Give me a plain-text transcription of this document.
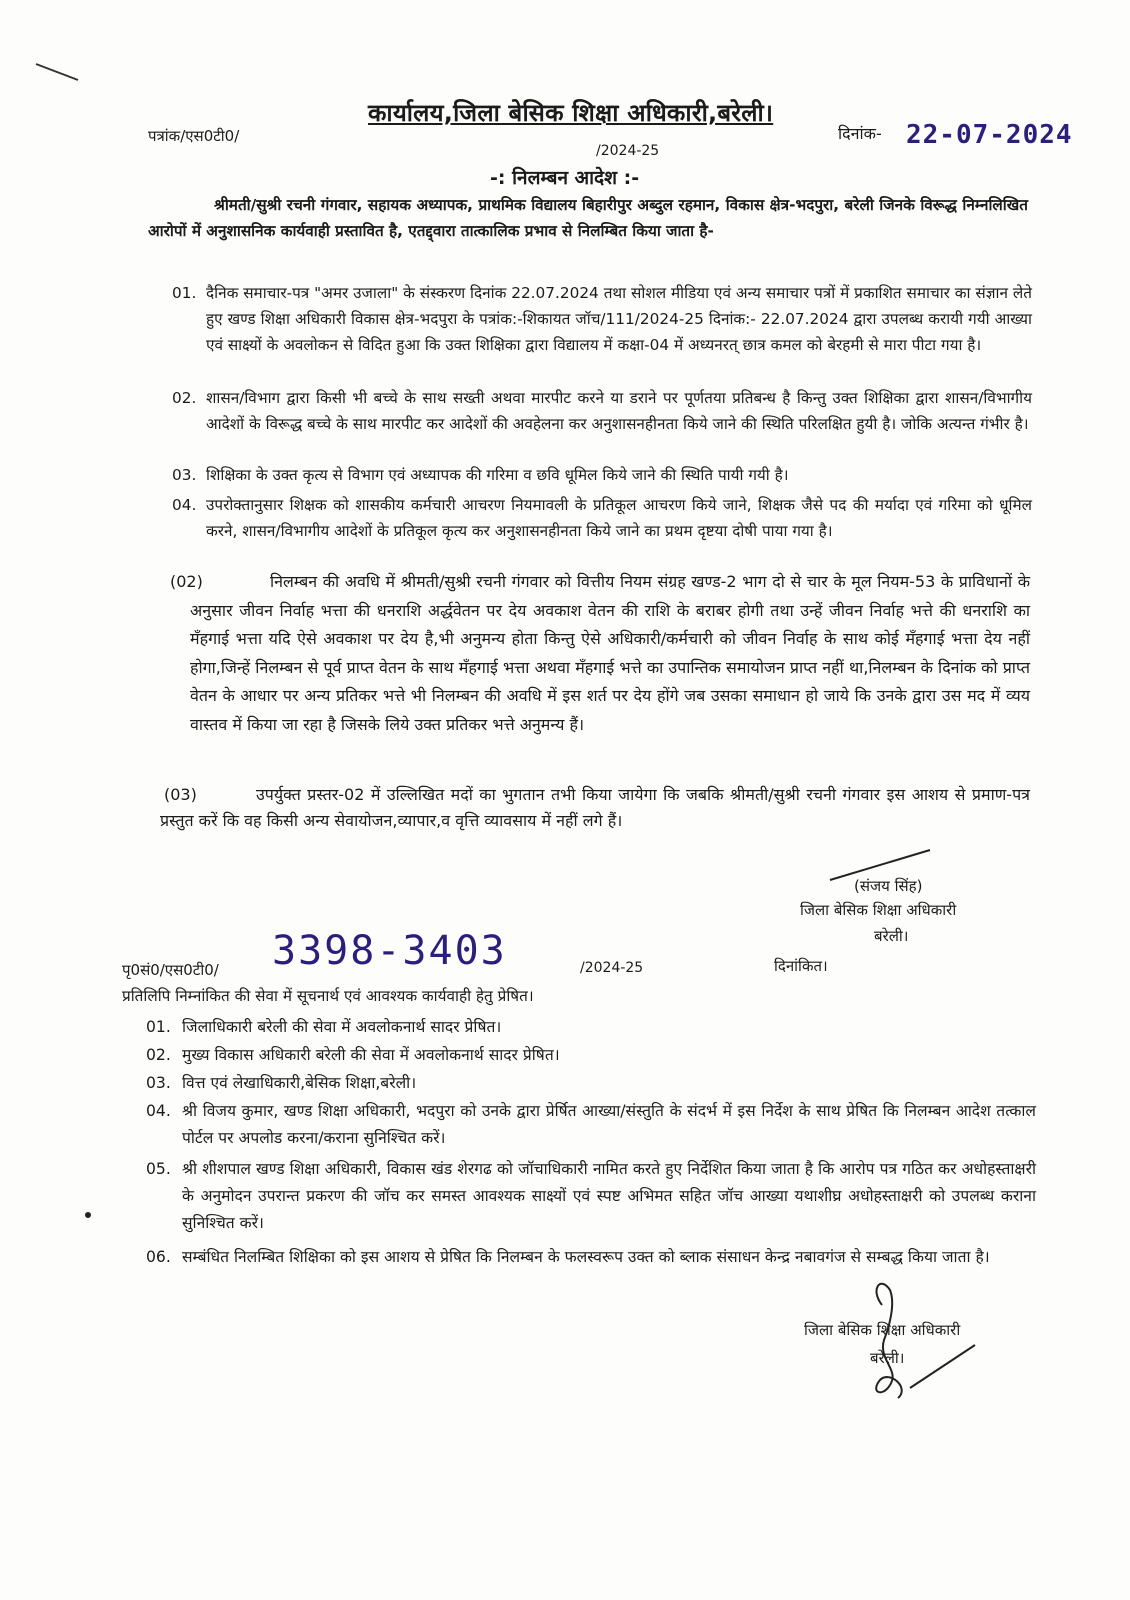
कार्यालय,जिला बेसिक शिक्षा अधिकारी,बरेली।
पत्रांक/एस0टी0/	दिनांक- 22-07-2024
/2024-25
-: निलम्बन आदेश :-
श्रीमती/सुश्री रचनी गंगवार, सहायक अध्यापक, प्राथमिक विद्यालय बिहारीपुर अब्दुल रहमान, विकास क्षेत्र-भदपुरा, बरेली जिनके विरूद्ध निम्नलिखित आरोपों में अनुशासनिक कार्यवाही प्रस्तावित है, एतद्द्वारा तात्कालिक प्रभाव से निलम्बित किया जाता है-
01. दैनिक समाचार-पत्र "अमर उजाला" के संस्करण दिनांक 22.07.2024 तथा सोशल मीडिया एवं अन्य समाचार पत्रों में प्रकाशित समाचार का संज्ञान लेते हुए खण्ड शिक्षा अधिकारी विकास क्षेत्र-भदपुरा के पत्रांक:-शिकायत जॉच/111/2024-25 दिनांक:- 22.07.2024 द्वारा उपलब्ध करायी गयी आख्या एवं साक्ष्यों के अवलोकन से विदित हुआ कि उक्त शिक्षिका द्वारा विद्यालय में कक्षा-04 में अध्यनरत् छात्र कमल को बेरहमी से मारा पीटा गया है।
02. शासन/विभाग द्वारा किसी भी बच्चे के साथ सख्ती अथवा मारपीट करने या डराने पर पूर्णतया प्रतिबन्ध है किन्तु उक्त शिक्षिका द्वारा शासन/विभागीय आदेशों के विरूद्ध बच्चे के साथ मारपीट कर आदेशों की अवहेलना कर अनुशासनहीनता किये जाने की स्थिति परिलक्षित हुयी है। जोकि अत्यन्त गंभीर है।
03. शिक्षिका के उक्त कृत्य से विभाग एवं अध्यापक की गरिमा व छवि धूमिल किये जाने की स्थिति पायी गयी है।
04. उपरोक्तानुसार शिक्षक को शासकीय कर्मचारी आचरण नियमावली के प्रतिकूल आचरण किये जाने, शिक्षक जैसे पद की मर्यादा एवं गरिमा को धूमिल करने, शासन/विभागीय आदेशों के प्रतिकूल कृत्य कर अनुशासनहीनता किये जाने का प्रथम दृष्टया दोषी पाया गया है।
(02)	निलम्बन की अवधि में श्रीमती/सुश्री रचनी गंगवार को वित्तीय नियम संग्रह खण्ड-2 भाग दो से चार के मूल नियम-53 के प्राविधानों के अनुसार जीवन निर्वाह भत्ता की धनराशि अर्द्धवेतन पर देय अवकाश वेतन की राशि के बराबर होगी तथा उन्हें जीवन निर्वाह भत्ते की धनराशि का मँहगाई भत्ता यदि ऐसे अवकाश पर देय है,भी अनुमन्य होता किन्तु ऐसे अधिकारी/कर्मचारी को जीवन निर्वाह के साथ कोई मँहगाई भत्ता देय नहीं होगा,जिन्हें निलम्बन से पूर्व प्राप्त वेतन के साथ मँहगाई भत्ता अथवा मँहगाई भत्ते का उपान्तिक समायोजन प्राप्त नहीं था,निलम्बन के दिनांक को प्राप्त वेतन के आधार पर अन्य प्रतिकर भत्ते भी निलम्बन की अवधि में इस शर्त पर देय होंगे जब उसका समाधान हो जाये कि उनके द्वारा उस मद में व्यय वास्तव में किया जा रहा है जिसके लिये उक्त प्रतिकर भत्ते अनुमन्य हैं।
(03)	उपर्युक्त प्रस्तर-02 में उल्लिखित मदों का भुगतान तभी किया जायेगा कि जबकि श्रीमती/सुश्री रचनी गंगवार इस आशय से प्रमाण-पत्र प्रस्तुत करें कि वह किसी अन्य सेवायोजन,व्यापार,व वृत्ति व्यावसाय में नहीं लगे हैं।
(संजय सिंह)
जिला बेसिक शिक्षा अधिकारी
बरेली।
पृ0सं0/एस0टी0/ 3398-3403	/2024-25	दिनांकित।
प्रतिलिपि निम्नांकित की सेवा में सूचनार्थ एवं आवश्यक कार्यवाही हेतु प्रेषित।
01. जिलाधिकारी बरेली की सेवा में अवलोकनार्थ सादर प्रेषित।
02. मुख्य विकास अधिकारी बरेली की सेवा में अवलोकनार्थ सादर प्रेषित।
03. वित्त एवं लेखाधिकारी,बेसिक शिक्षा,बरेली।
04. श्री विजय कुमार, खण्ड शिक्षा अधिकारी, भदपुरा को उनके द्वारा प्रेर्षित आख्या/संस्तुति के संदर्भ में इस निर्देश के साथ प्रेषित कि निलम्बन आदेश तत्काल पोर्टल पर अपलोड करना/कराना सुनिश्चित करें।
05. श्री शीशपाल खण्ड शिक्षा अधिकारी, विकास खंड शेरगढ को जॉचाधिकारी नामित करते हुए निर्देशित किया जाता है कि आरोप पत्र गठित कर अधोहस्ताक्षरी के अनुमोदन उपरान्त प्रकरण की जॉच कर समस्त आवश्यक साक्ष्यों एवं स्पष्ट अभिमत सहित जॉच आख्या यथाशीघ्र अधोहस्ताक्षरी को उपलब्ध कराना सुनिश्चित करें।
06. सम्बंधित निलम्बित शिक्षिका को इस आशय से प्रेषित कि निलम्बन के फलस्वरूप उक्त को ब्लाक संसाधन केन्द्र नबावगंज से सम्बद्ध किया जाता है।
जिला बेसिक शिक्षा अधिकारी
बरेली।
